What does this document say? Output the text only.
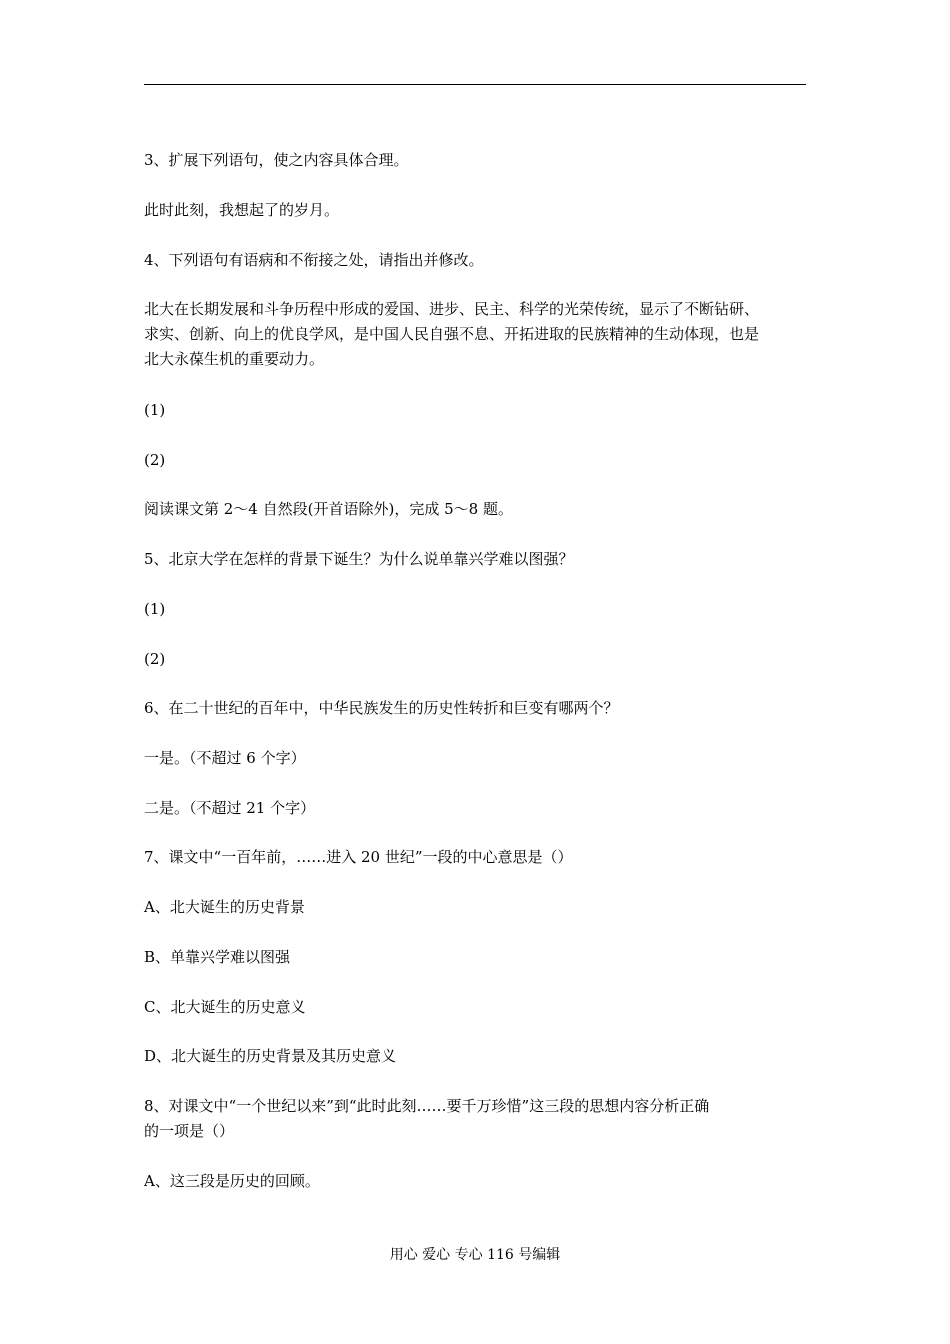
3、扩展下列语句，使之内容具体合理。
此时此刻，我想起了的岁月。
4、下列语句有语病和不衔接之处，请指出并修改。
北大在长期发展和斗争历程中形成的爱国、进步、民主、科学的光荣传统，显示了不断钻研、
求实、创新、向上的优良学风，是中国人民自强不息、开拓进取的民族精神的生动体现，也是
北大永葆生机的重要动力。
(1)
(2)
阅读课文第 2～4 自然段(开首语除外)，完成 5～8 题。
5、北京大学在怎样的背景下诞生？为什么说单靠兴学难以图强？
(1)
(2)
6、在二十世纪的百年中，中华民族发生的历史性转折和巨变有哪两个？
一是。（不超过 6 个字）
二是。（不超过 21 个字）
7、课文中“一百年前，……进入 20 世纪”一段的中心意思是（）
A、北大诞生的历史背景
B、单靠兴学难以图强
C、北大诞生的历史意义
D、北大诞生的历史背景及其历史意义
8、对课文中“一个世纪以来”到“此时此刻……要千万珍惜”这三段的思想内容分析正确
的一项是（）
A、这三段是历史的回顾。
用心 爱心 专心 116 号编辑
